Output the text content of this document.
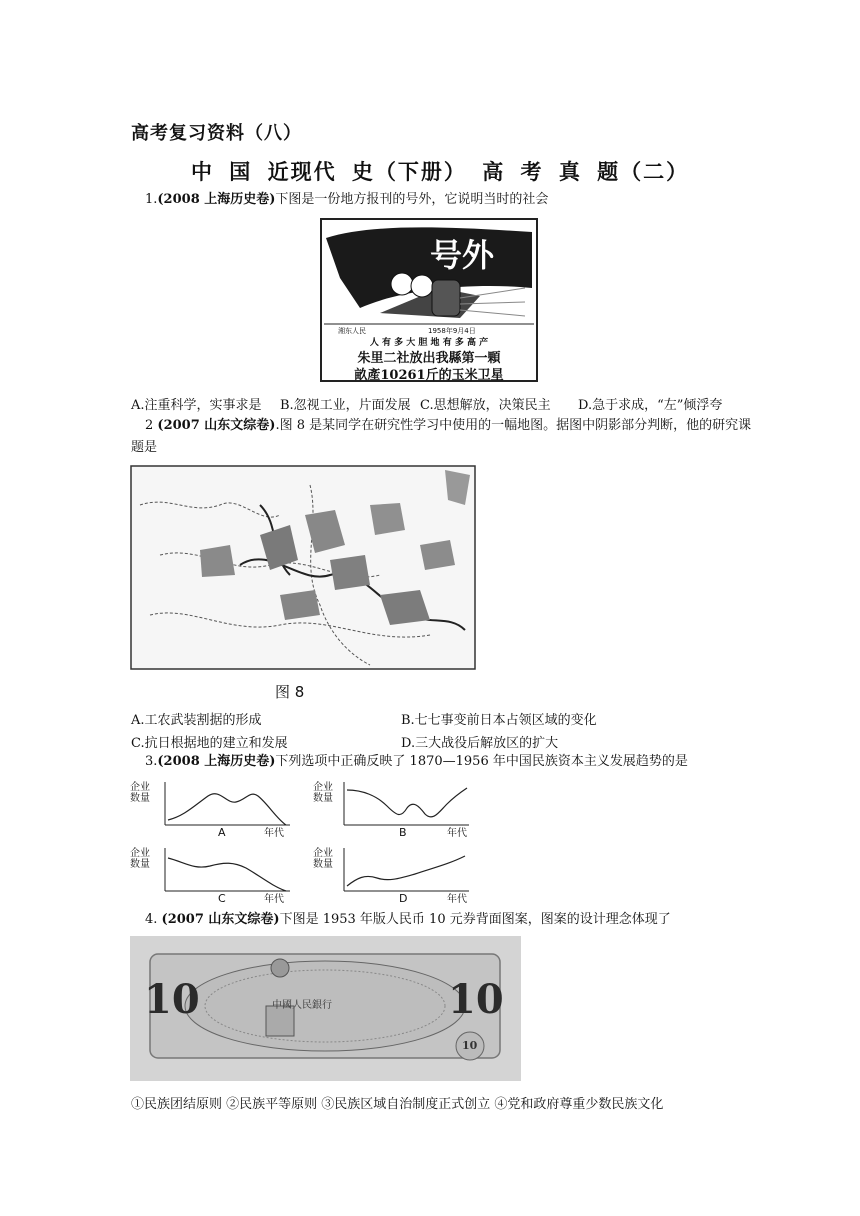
高考复习资料（八）
中 国 近现代 史（下册） 高 考 真 题（二）
1.(2008 上海历史卷)下图是一份地方报刊的号外，它说明当时的社会
号外
湘东人民	1958年9月4日
人 有 多 大 胆 地 有 多 高 产
朱里二社放出我縣第一顆
畝產10261斤的玉米卫星
A.注重科学，实事求是 B.忽视工业，片面发展 C.思想解放，决策民主 D.急于求成，“左”倾浮夸
2 (2007 山东文综卷).图 8 是某同学在研究性学习中使用的一幅地图。据图中阴影部分判断，他的研究课
题是
图 8
A.工农武装割据的形成	B.七七事变前日本占领区域的变化
C.抗日根据地的建立和发展	D.三大战役后解放区的扩大
3.(2008 上海历史卷)下列选项中正确反映了 1870—1956 年中国民族资本主义发展趋势的是
企业
数量
年代
A
企业
数量
年代
B
企业
数量
年代
C
企业
数量
年代
D
4. (2007 山东文综卷)下图是 1953 年版人民币 10 元券背面图案，图案的设计理念体现了
10	10
中國人民銀行
10
①民族团结原则 ②民族平等原则 ③民族区域自治制度正式创立 ④党和政府尊重少数民族文化
